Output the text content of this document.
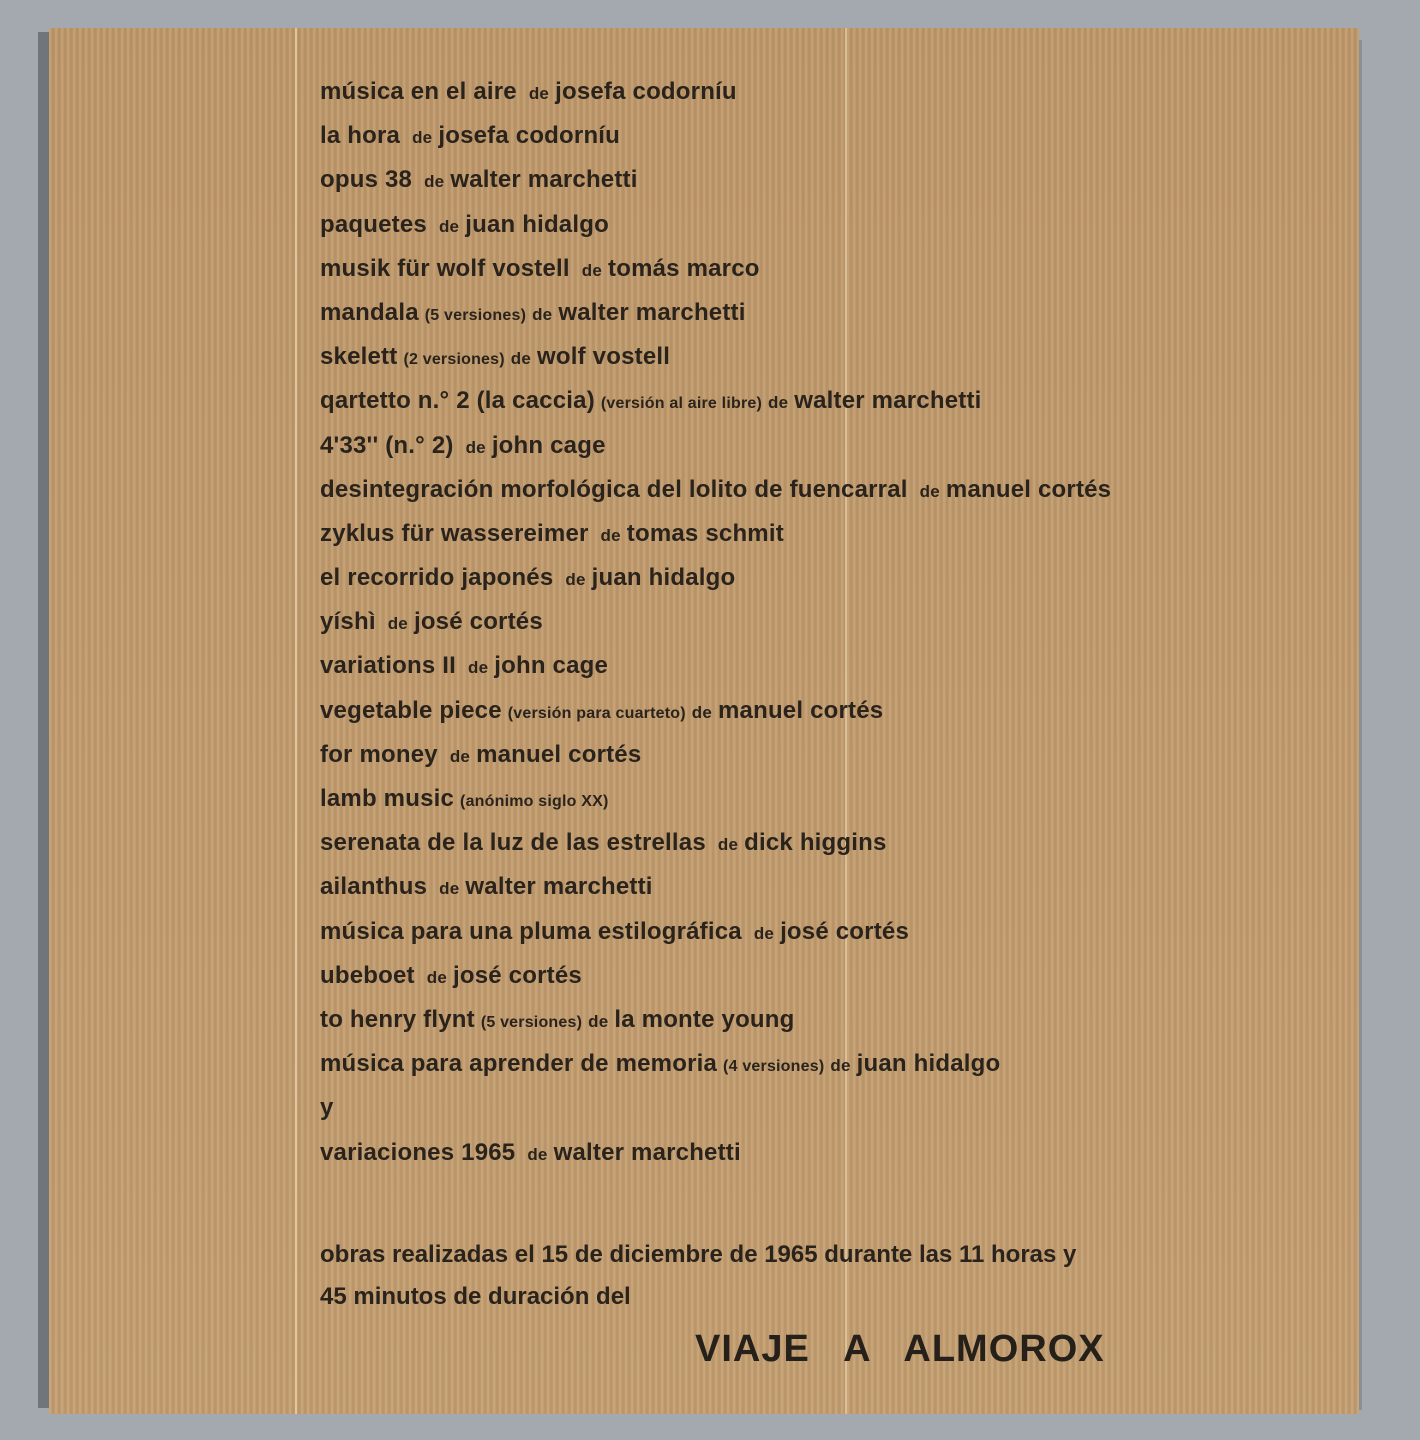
música en el aire de josefa codorníu
la hora de josefa codorníu
opus 38 de walter marchetti
paquetes de juan hidalgo
musik für wolf vostell de tomás marco
mandala (5 versiones) de walter marchetti
skelett (2 versiones) de wolf vostell
qartetto n.° 2 (la caccia) (versión al aire libre) de walter marchetti
4'33'' (n.° 2) de john cage
desintegración morfológica del lolito de fuencarral de manuel cortés
zyklus für wassereimer de tomas schmit
el recorrido japonés de juan hidalgo
yíshì de josé cortés
variations II de john cage
vegetable piece (versión para cuarteto) de manuel cortés
for money de manuel cortés
lamb music (anónimo siglo XX)
serenata de la luz de las estrellas de dick higgins
ailanthus de walter marchetti
música para una pluma estilográfica de josé cortés
ubeboet de josé cortés
to henry flynt (5 versiones) de la monte young
música para aprender de memoria (4 versiones) de juan hidalgo
y
variaciones 1965 de walter marchetti
obras realizadas el 15 de diciembre de 1965 durante las 11 horas y
45 minutos de duración del
VIAJE   A   ALMOROX
